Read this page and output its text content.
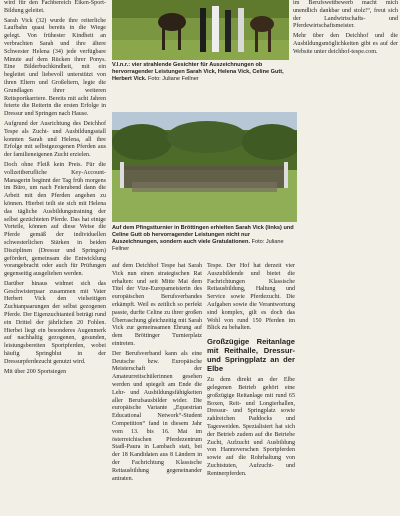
wird für den Fachbereich Eiken-Sport-Bildung geleitet.

Sarah Vick (32) wurde ihre reiterliche Laufbahn quasi bereits in die Wiege gelegt. Von frühester Kindheit an verbrachten Sarah und ihre ältere Schwester Helena (34) jede verfügbare Minute auf dem Rücken ihrer Ponys. Eine Bilderbuchkindheit, mit ein begleitet und liebevoll unterstützt von ihren Eltern und Großeltern, legte die Grundlagen ihrer weiteren Reitsportkarriere. Bereits mit acht Jahren feierte die Reiterin die ersten Erfolge in Dressur und Springen nach Hause.

Aufgrund der Ausrichtung des Deichhof Tespe als Zucht- und Ausbildungsstall konnten Sarah und Helena, all ihre Erfolge mit selbstgezogenen Pferden aus der familieneigenen Zucht erzielen.

Doch ohne Fleiß kein Preis. Für die vollzeitberufliche Key-Account-Managerin beginnt der Tag früh morgens im Büro, um nach Feierabend dann die Arbeit mit den Pferden angehen zu können. Hierbei teilt sie sich mit Helena das tägliche Ausbildungstraining der selbst gezüchteten Pferde. Das hat einige Vorteile, können auf diese Weise die Pferde gemäß der individuellen schwesterlichen Stärken in beiden Disziplinen (Dressur und Springen) gefördert, gemeinsam die Entwicklung vorangebracht oder auch für Prüfungen gegenseitig ausgeliehen werden.

Darüber hinaus widmet sich das Geschwisterpaar zusammen mit Vater Herbert Vick den vielseitigen Zuchtanpaarungen der selbst gezogenen Pferde. Der Eigenzuchtanteil beträgt rund ein Drittel der jährlichen 20 Fohlen. Hierbei liegt ein besonderes Augenmerk auf nachhaltig gezogenen, gesunden, leistungsbereiten Sportpferden, wobei häufig Springblut in der Dressurpferdezucht genutzt wird.

Mit über 200 Sportsiegen

V.l.n.r.: vier strahlende Gesichter für Auszeichnungen ob hervorragender Leistungen Sarah Vick, Helena Vick, Celine Gutt, Herbert Vick. Foto: Juliane Fellner
Auf dem Pfingstturnier in Bröttingen erhielten Sarah Vick (links) und Celine Gutt ob hervorragender Leistungen nicht nur Auszeichnungen, sondern auch viele Gratulationen. Foto: Juliane Fellner

auf dem Deichhof Tespe hat Sarah Vick nun einen strategischen Rat erhalten: und seit Mitte Mai dem Titel der Vize-Europameisterin des europäischen Berufsverbandes erkämpft. Weil es zeitlich so perfekt passte, durfte Celine zu ihrer großen Überraschung gleichzeitig mit Sarah Vick zur gemeinsamen Ehrung auf dem Bröttinger Turnierplatz eintreten.

Der Berufsverband kann als eine Deutsche bzw. Europäische Meisterschaft der Amateurreitschülerinnen gesehen werden und spiegelt am Ende die Lehr- und Ausbildungsfähigkeiten aller Berufsausbilder wider. Die europäische Variante „Equestrian Educational Network“-Student Competition“ fand in diesem Jahr vom 13. bis 16. Mai im österreichischen Pferdezentrum Stadl-Paura in Lambach statt, bei der 18 Kandidaten aus 8 Ländern in der Fachrichtung Klassische Reitausbildung gegeneinander antraten.

Tespe. Der Hof hat derzeit vier Auszubildende und bietet die Fachrichtungen Klassische Reitausbildung, Haltung und Service sowie Pferdezucht. Die Aufgaben sowie die Verantwortung sind komplex, gilt es doch das Wohl von rund 150 Pferden im Blick zu behalten.

Großzügige Reitanlage mit Reithalle, Dressur- und Springplatz an der Elbe

Zu dem direkt an der Elbe gelegenen Betrieb gehört eine großzügige Reitanlage mit rund 65 Boxen, Reit- und Longierhallen, Dressur- und Springplatz sowie zahlreichen Paddocks und Tagesweiden. Spezialisiert hat sich der Betrieb zudem auf die Betriebe Zucht, Aufzucht und Ausbildung von Hannoverschen Sportpferden sowie auf die Rohrhaltung von Zuchtstuten, Aufzucht- und Rentnerpferden.

im Berufswettbewerb macht mich unendlich dankbar und stolz!“, freut sich der Landwirtschafts- und Pferdewirtschaftsmeister.

Mehr über den Deichhof und die Ausbildungsmöglichkeiten gibt es auf der Website unter deichhof-tespe.com.
